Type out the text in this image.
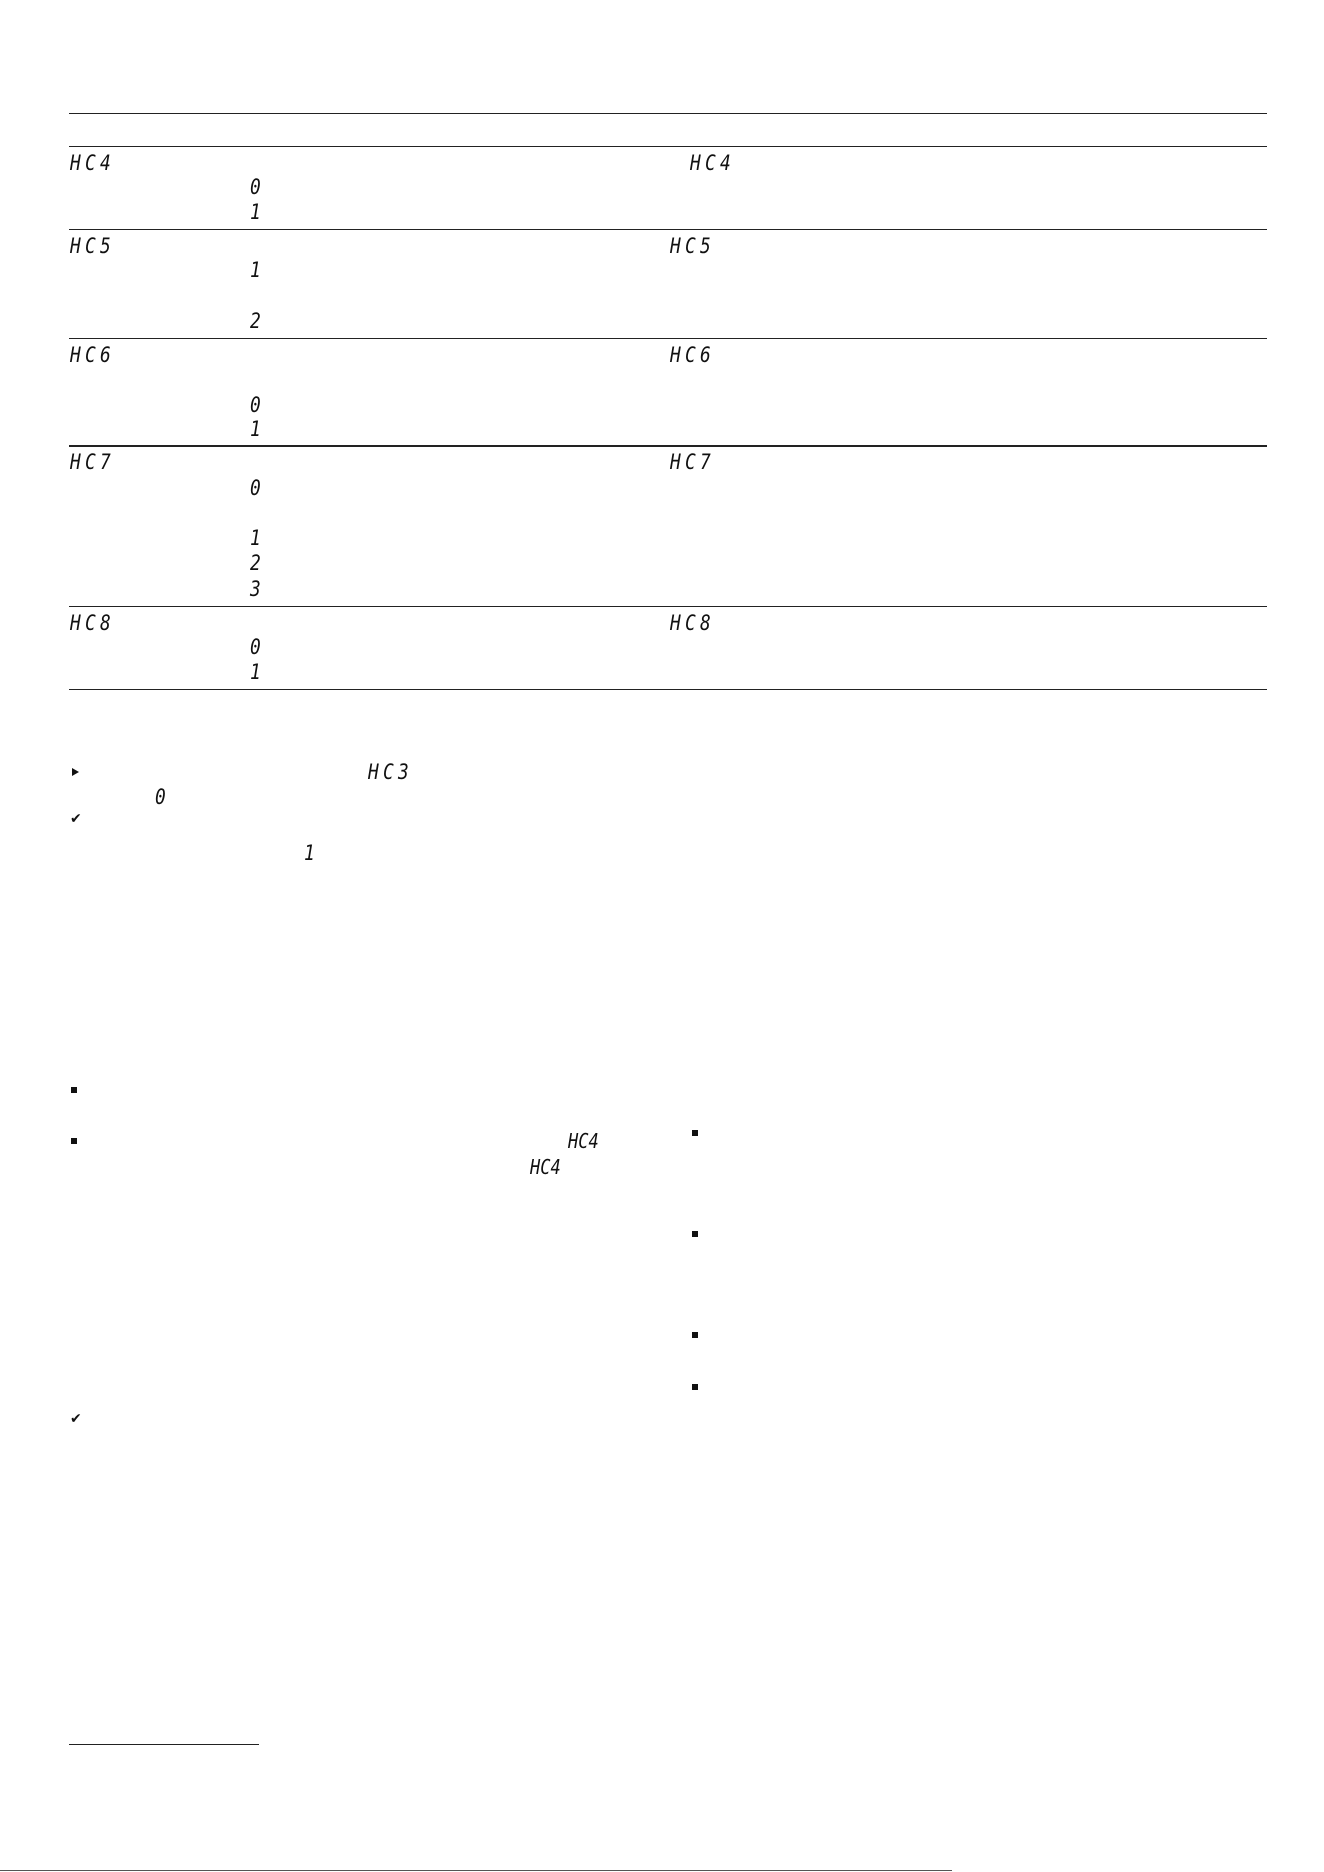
HC4	HC4
0
1
HC5	HC5
1
2
HC6	HC6
0
1
HC7	HC7
0
1
2
3
HC8	HC8
0
1
HC3
0
✔
1
HC4
HC4
✔
